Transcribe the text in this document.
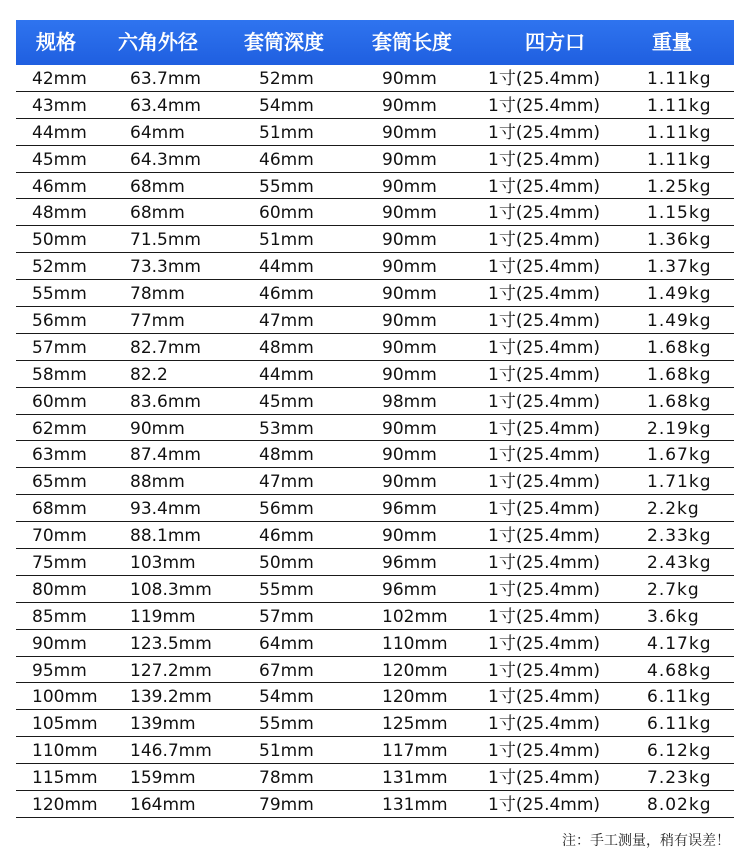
规格 六角外径 套筒深度 套筒长度	四方口	重量
42mm	63.7mm	52mm	90mm	1寸(25.4mm)	1.11kg
43mm	63.4mm	54mm	90mm	1寸(25.4mm)	1.11kg
44mm	64mm	51mm	90mm	1寸(25.4mm)	1.11kg
45mm	64.3mm	46mm	90mm	1寸(25.4mm)	1.11kg
46mm	68mm	55mm	90mm	1寸(25.4mm)	1.25kg
48mm	68mm	60mm	90mm	1寸(25.4mm)	1.15kg
50mm	71.5mm	51mm	90mm	1寸(25.4mm)	1.36kg
52mm	73.3mm	44mm	90mm	1寸(25.4mm)	1.37kg
55mm	78mm	46mm	90mm	1寸(25.4mm)	1.49kg
56mm	77mm	47mm	90mm	1寸(25.4mm)	1.49kg
57mm	82.7mm	48mm	90mm	1寸(25.4mm)	1.68kg
58mm	82.2	44mm	90mm	1寸(25.4mm)	1.68kg
60mm	83.6mm	45mm	98mm	1寸(25.4mm)	1.68kg
62mm	90mm	53mm	90mm	1寸(25.4mm)	2.19kg
63mm	87.4mm	48mm	90mm	1寸(25.4mm)	1.67kg
65mm	88mm	47mm	90mm	1寸(25.4mm)	1.71kg
68mm	93.4mm	56mm	96mm	1寸(25.4mm)	2.2kg
70mm	88.1mm	46mm	90mm	1寸(25.4mm)	2.33kg
75mm	103mm	50mm	96mm	1寸(25.4mm)	2.43kg
80mm	108.3mm	55mm	96mm	1寸(25.4mm)	2.7kg
85mm	119mm	57mm	102mm 1寸(25.4mm)	3.6kg
90mm	123.5mm	64mm	110mm 1寸(25.4mm)	4.17kg
95mm	127.2mm	67mm	120mm 1寸(25.4mm)	4.68kg
100mm 139.2mm	54mm	120mm 1寸(25.4mm)	6.11kg
105mm 139mm	55mm	125mm 1寸(25.4mm)	6.11kg
110mm 146.7mm	51mm	117mm 1寸(25.4mm)	6.12kg
115mm 159mm	78mm	131mm 1寸(25.4mm)	7.23kg
120mm 164mm	79mm	131mm 1寸(25.4mm)	8.02kg
注：手工测量，稍有误差！
